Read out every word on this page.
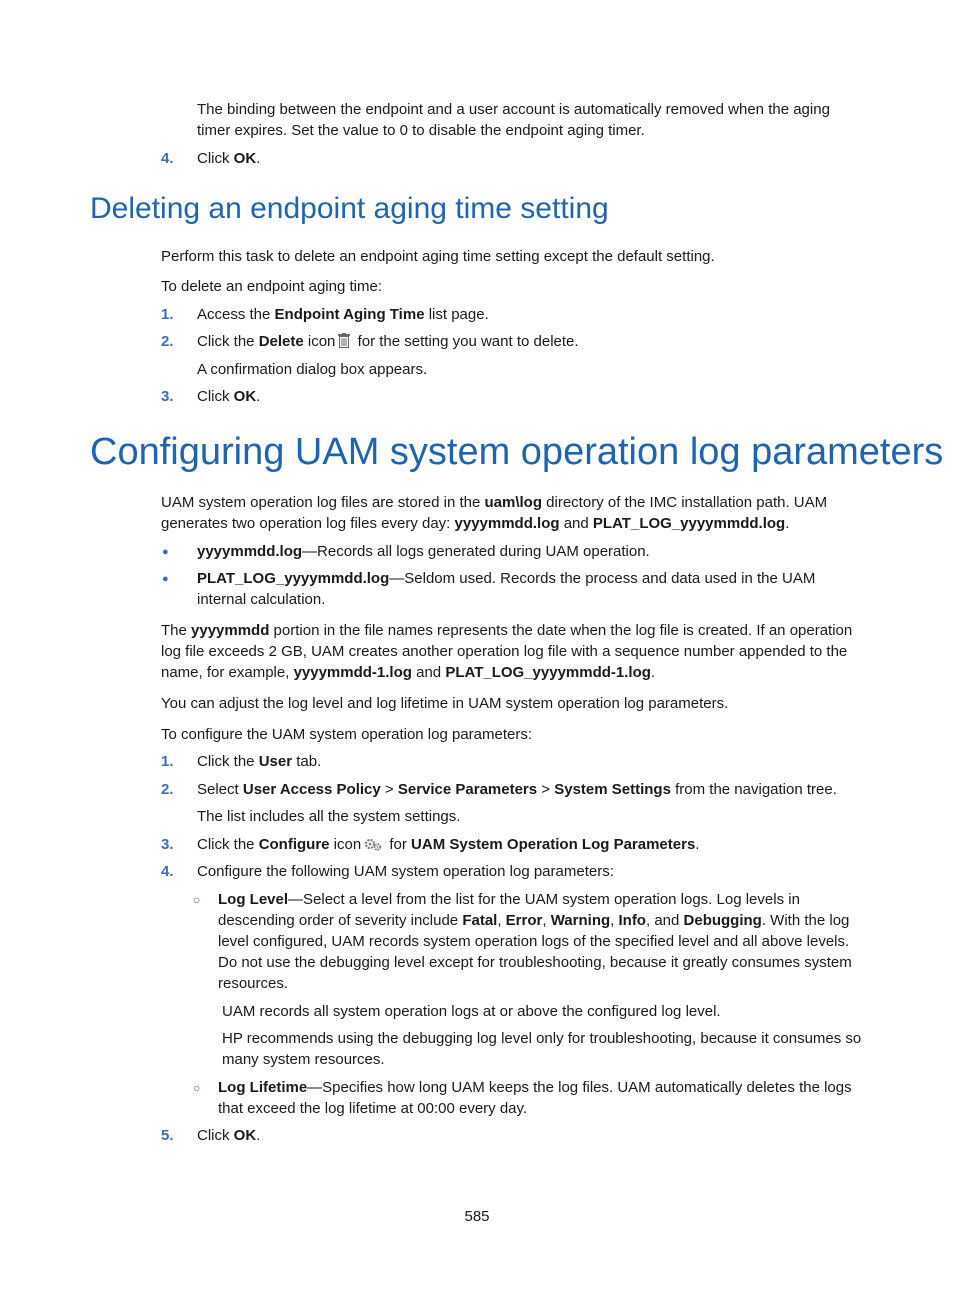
The binding between the endpoint and a user account is automatically removed when the aging timer expires. Set the value to 0 to disable the endpoint aging timer.
4. Click OK.
Deleting an endpoint aging time setting
Perform this task to delete an endpoint aging time setting except the default setting.
To delete an endpoint aging time:
1. Access the Endpoint Aging Time list page.
2. Click the Delete icon for the setting you want to delete.
A confirmation dialog box appears.
3. Click OK.
Configuring UAM system operation log parameters
UAM system operation log files are stored in the uam\log directory of the IMC installation path. UAM generates two operation log files every day: yyyymmdd.log and PLAT_LOG_yyyymmdd.log.
● yyyymmdd.log—Records all logs generated during UAM operation.
● PLAT_LOG_yyyymmdd.log—Seldom used. Records the process and data used in the UAM internal calculation.
The yyyymmdd portion in the file names represents the date when the log file is created. If an operation log file exceeds 2 GB, UAM creates another operation log file with a sequence number appended to the name, for example, yyyymmdd-1.log and PLAT_LOG_yyyymmdd-1.log.
You can adjust the log level and log lifetime in UAM system operation log parameters.
To configure the UAM system operation log parameters:
1. Click the User tab.
2. Select User Access Policy > Service Parameters > System Settings from the navigation tree.
The list includes all the system settings.
3. Click the Configure icon for UAM System Operation Log Parameters.
4. Configure the following UAM system operation log parameters:
○ Log Level—Select a level from the list for the UAM system operation logs. Log levels in descending order of severity include Fatal, Error, Warning, Info, and Debugging. With the log level configured, UAM records system operation logs of the specified level and all above levels. Do not use the debugging level except for troubleshooting, because it greatly consumes system resources.
UAM records all system operation logs at or above the configured log level.
HP recommends using the debugging log level only for troubleshooting, because it consumes so many system resources.
○ Log Lifetime—Specifies how long UAM keeps the log files. UAM automatically deletes the logs that exceed the log lifetime at 00:00 every day.
5. Click OK.
585
